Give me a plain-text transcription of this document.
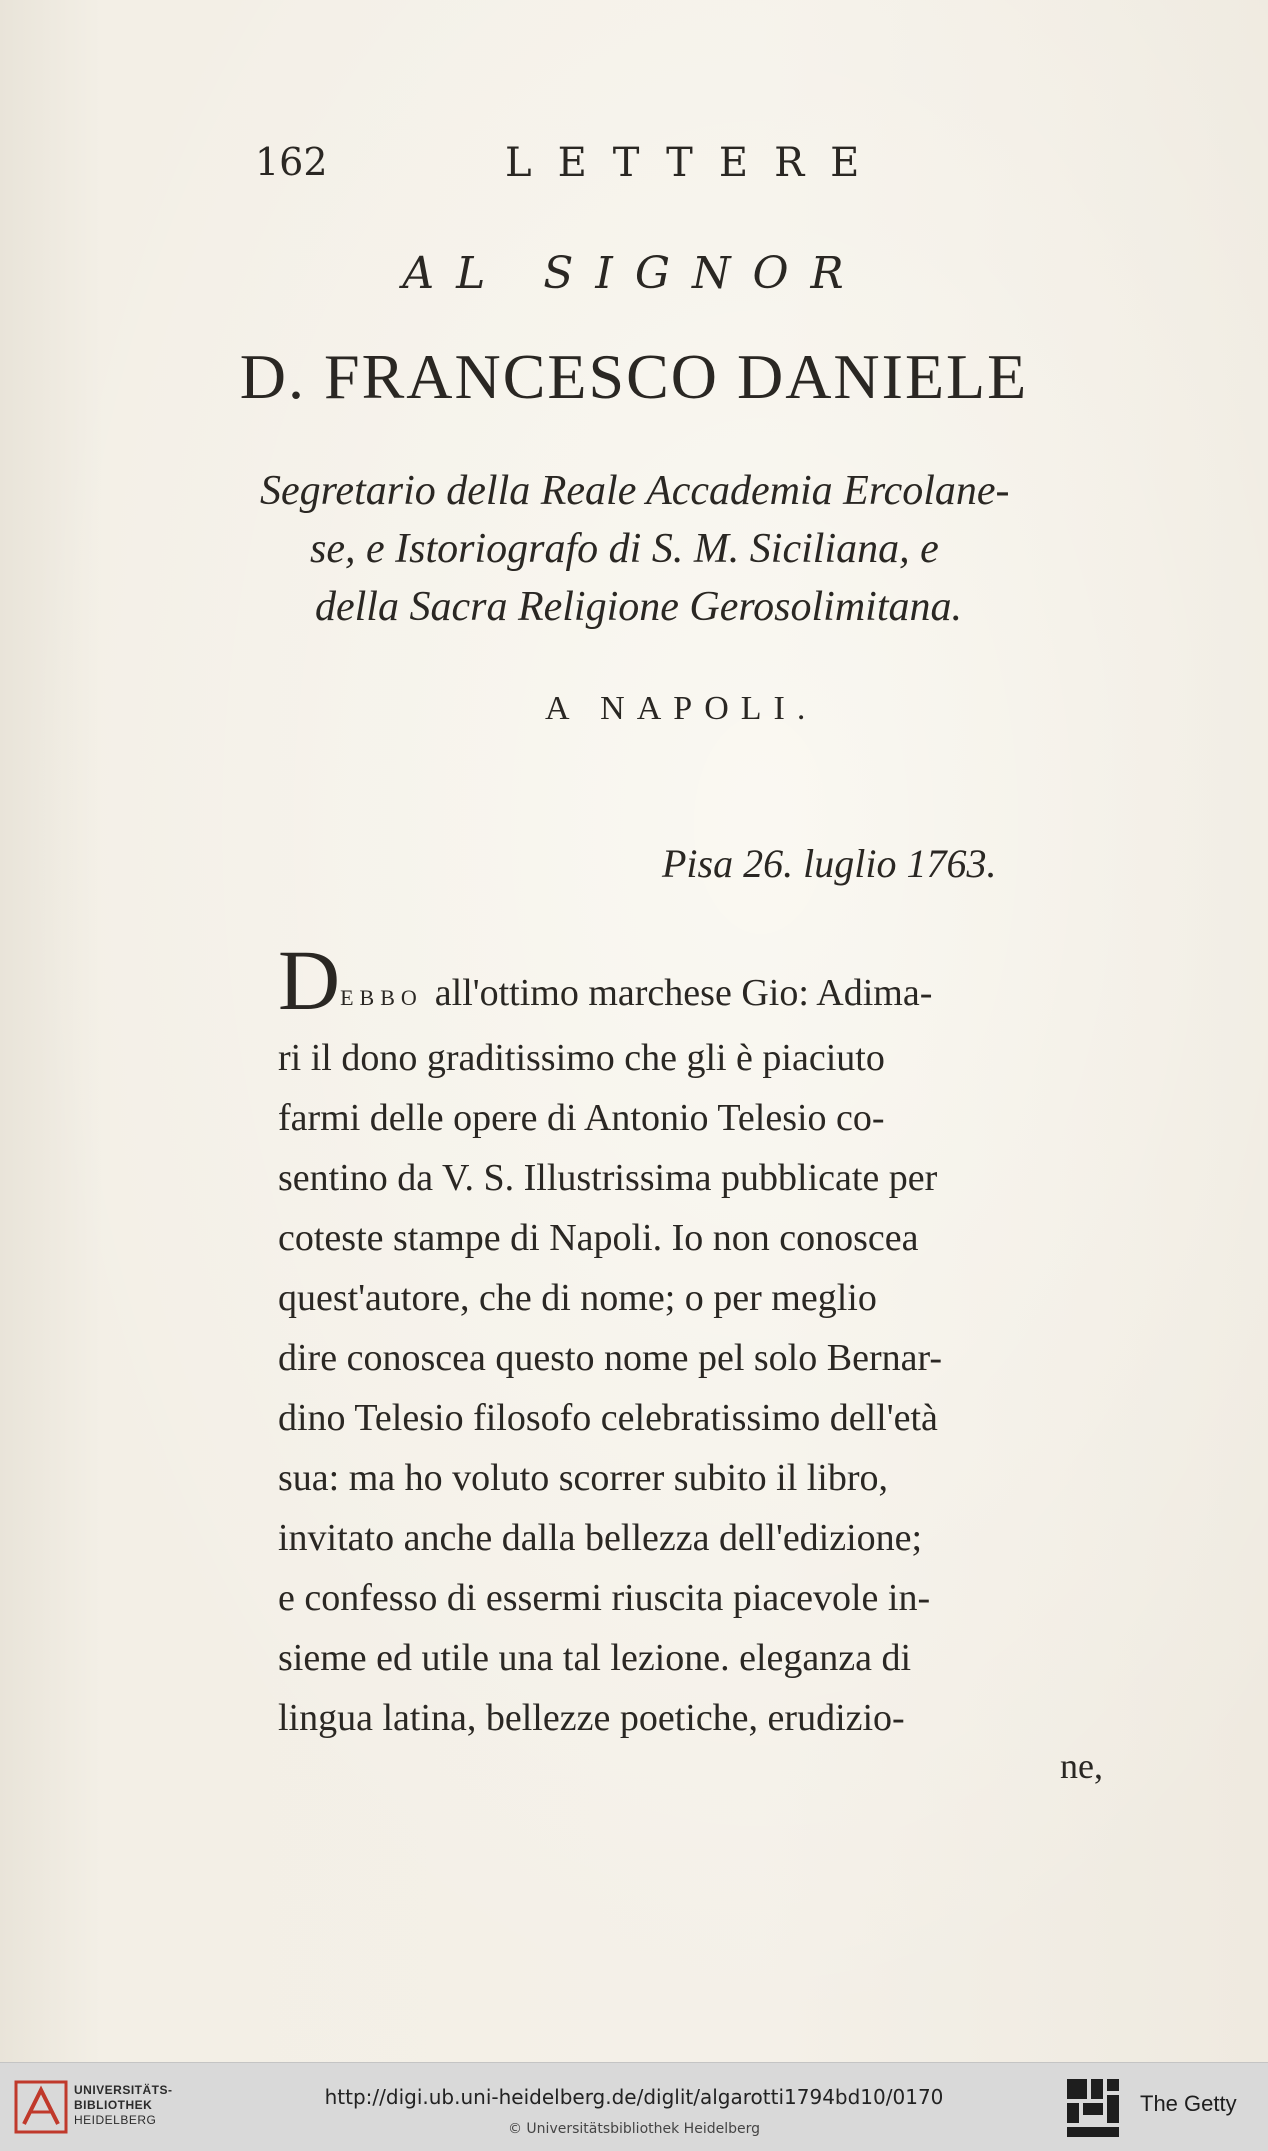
162	LETTERE
AL SIGNOR
D. FRANCESCO DANIELE
Segretario della Reale Accademia Ercolane-
se, e Istoriografo di S. M. Siciliana, e
della Sacra Religione Gerosolimitana.
A NAPOLI.
Pisa 26. luglio 1763.
DEBBO all'ottimo marchese Gio: Adima-
ri il dono graditissimo che gli è piaciuto
farmi delle opere di Antonio Telesio co-
sentino da V. S. Illustrissima pubblicate per
coteste stampe di Napoli. Io non conoscea
quest'autore, che di nome; o per meglio
dire conoscea questo nome pel solo Bernar-
dino Telesio filosofo celebratissimo dell'età
sua: ma ho voluto scorrer subito il libro,
invitato anche dalla bellezza dell'edizione;
e confesso di essermi riuscita piacevole in-
sieme ed utile una tal lezione. eleganza di
lingua latina, bellezze poetiche, erudizio-
ne,
UNIVERSITÄTS-
BIBLIOTHEK
HEIDELBERG
http://digi.ub.uni-heidelberg.de/diglit/algarotti1794bd10/0170
© Universitätsbibliothek Heidelberg
The Getty
